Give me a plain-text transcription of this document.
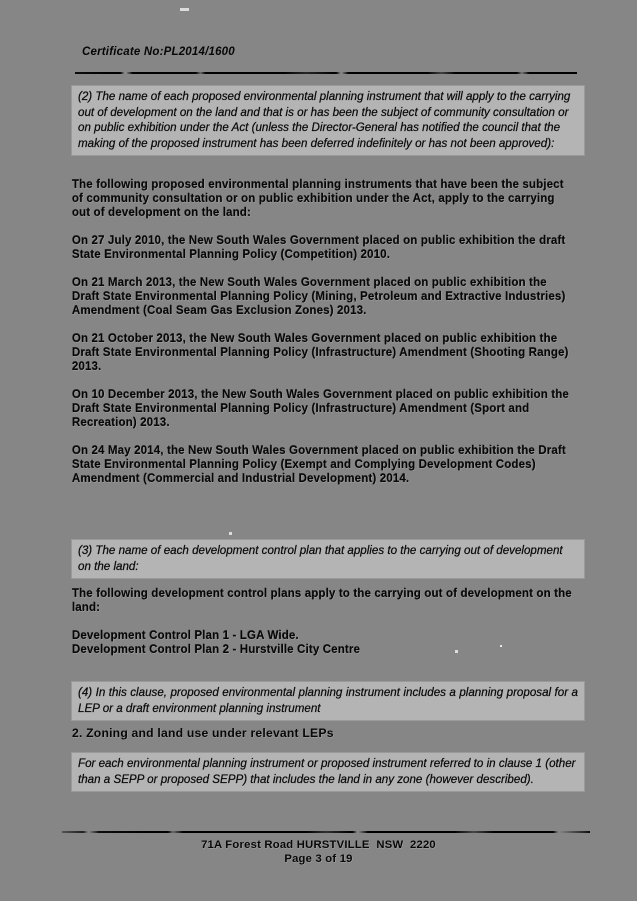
Certificate No:PL2014/1600
(2) The name of each proposed environmental planning instrument that will apply to the carrying out of development on the land and that is or has been the subject of community consultation or on public exhibition under the Act (unless the Director-General has notified the council that the making of the proposed instrument has been deferred indefinitely or has not been approved):
The following proposed environmental planning instruments that have been the subject of community consultation or on public exhibition under the Act, apply to the carrying out of development on the land:
On 27 July 2010, the New South Wales Government placed on public exhibition the draft State Environmental Planning Policy (Competition) 2010.
On 21 March 2013, the New South Wales Government placed on public exhibition the Draft State Environmental Planning Policy (Mining, Petroleum and Extractive Industries) Amendment (Coal Seam Gas Exclusion Zones) 2013.
On 21 October 2013, the New South Wales Government placed on public exhibition the Draft State Environmental Planning Policy (Infrastructure) Amendment (Shooting Range) 2013.
On 10 December 2013, the New South Wales Government placed on public exhibition the Draft State Environmental Planning Policy (Infrastructure) Amendment (Sport and Recreation) 2013.
On 24 May 2014, the New South Wales Government placed on public exhibition the Draft State Environmental Planning Policy (Exempt and Complying Development Codes) Amendment (Commercial and Industrial Development) 2014.
(3) The name of each development control plan that applies to the carrying out of development on the land:
The following development control plans apply to the carrying out of development on the land:
Development Control Plan 1 - LGA Wide.
Development Control Plan 2 - Hurstville City Centre
(4) In this clause, proposed environmental planning instrument includes a planning proposal for a LEP or a draft environment planning instrument
2. Zoning and land use under relevant LEPs
For each environmental planning instrument or proposed instrument referred to in clause 1 (other than a SEPP or proposed SEPP) that includes the land in any zone (however described).
71A Forest Road HURSTVILLE  NSW  2220
Page 3 of 19
